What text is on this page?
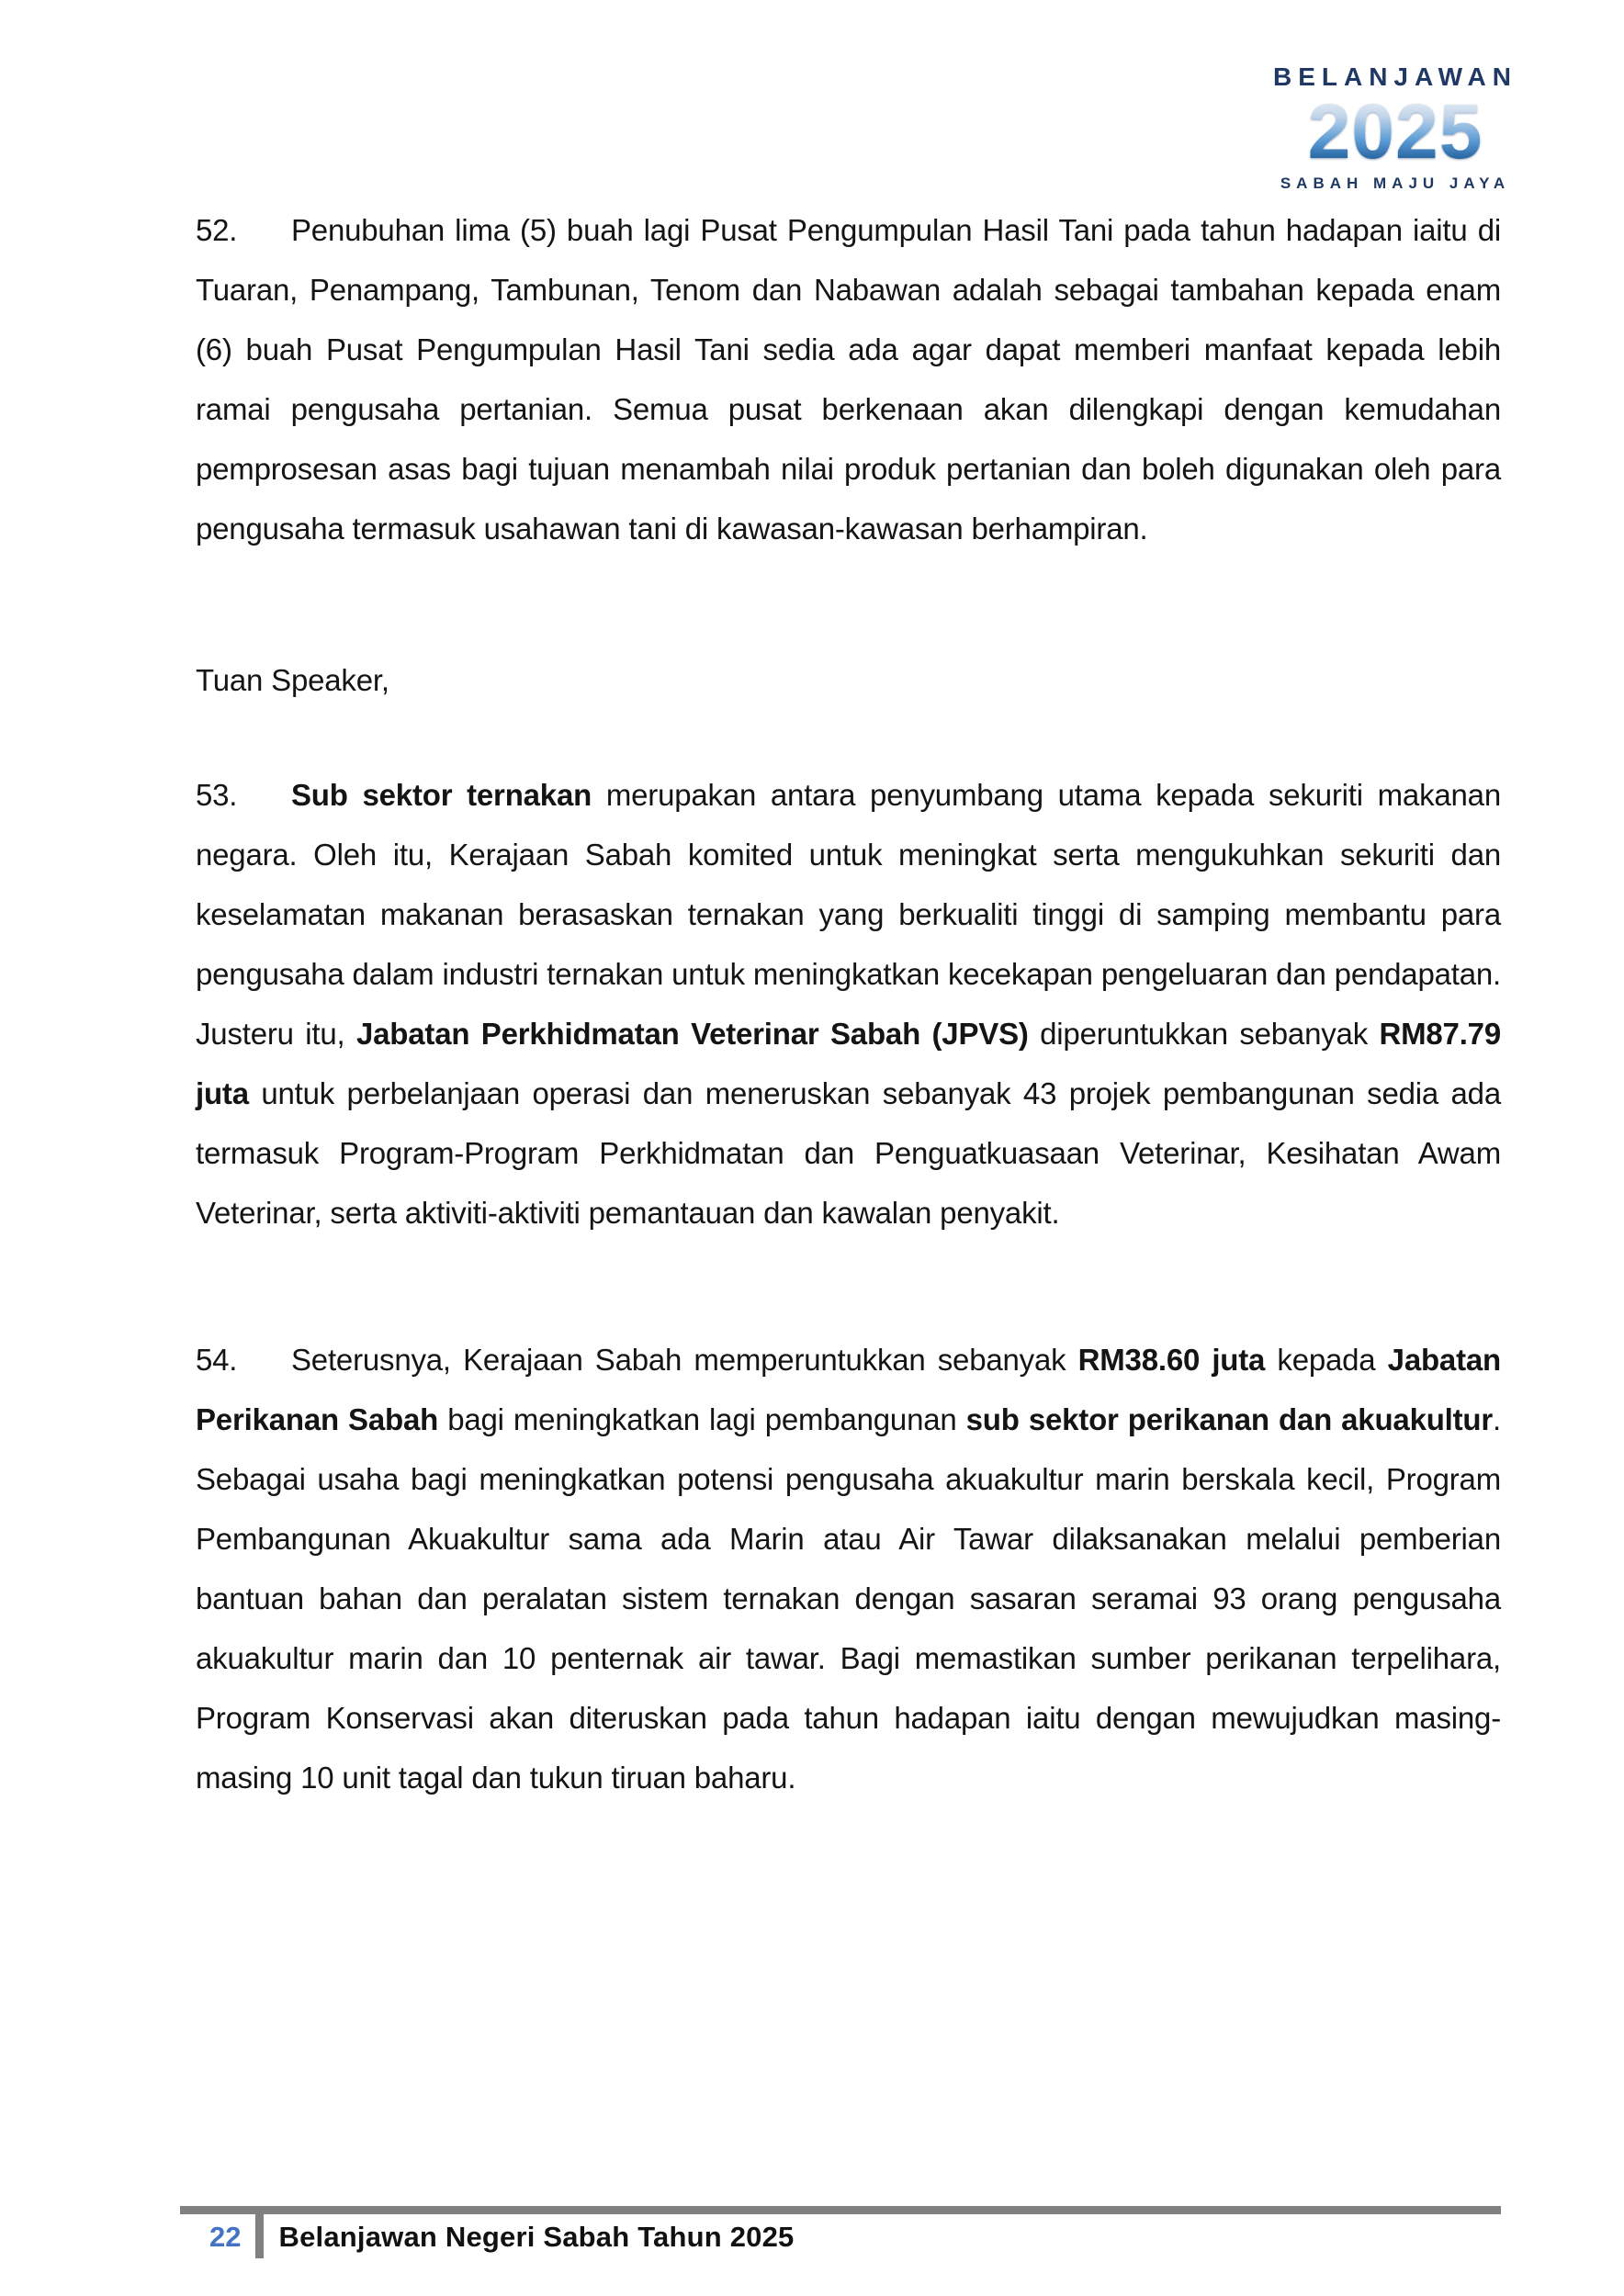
BELANJAWAN
2025
SABAH MAJU JAYA

52. Penubuhan lima (5) buah lagi Pusat Pengumpulan Hasil Tani pada tahun hadapan iaitu di Tuaran, Penampang, Tambunan, Tenom dan Nabawan adalah sebagai tambahan kepada enam (6) buah Pusat Pengumpulan Hasil Tani sedia ada agar dapat memberi manfaat kepada lebih ramai pengusaha pertanian. Semua pusat berkenaan akan dilengkapi dengan kemudahan pemprosesan asas bagi tujuan menambah nilai produk pertanian dan boleh digunakan oleh para pengusaha termasuk usahawan tani di kawasan-kawasan berhampiran.

Tuan Speaker,

53. Sub sektor ternakan merupakan antara penyumbang utama kepada sekuriti makanan negara. Oleh itu, Kerajaan Sabah komited untuk meningkat serta mengukuhkan sekuriti dan keselamatan makanan berasaskan ternakan yang berkualiti tinggi di samping membantu para pengusaha dalam industri ternakan untuk meningkatkan kecekapan pengeluaran dan pendapatan. Justeru itu, Jabatan Perkhidmatan Veterinar Sabah (JPVS) diperuntukkan sebanyak RM87.79 juta untuk perbelanjaan operasi dan meneruskan sebanyak 43 projek pembangunan sedia ada termasuk Program-Program Perkhidmatan dan Penguatkuasaan Veterinar, Kesihatan Awam Veterinar, serta aktiviti-aktiviti pemantauan dan kawalan penyakit.

54. Seterusnya, Kerajaan Sabah memperuntukkan sebanyak RM38.60 juta kepada Jabatan Perikanan Sabah bagi meningkatkan lagi pembangunan sub sektor perikanan dan akuakultur. Sebagai usaha bagi meningkatkan potensi pengusaha akuakultur marin berskala kecil, Program Pembangunan Akuakultur sama ada Marin atau Air Tawar dilaksanakan melalui pemberian bantuan bahan dan peralatan sistem ternakan dengan sasaran seramai 93 orang pengusaha akuakultur marin dan 10 penternak air tawar. Bagi memastikan sumber perikanan terpelihara, Program Konservasi akan diteruskan pada tahun hadapan iaitu dengan mewujudkan masing-masing 10 unit tagal dan tukun tiruan baharu.

22 Belanjawan Negeri Sabah Tahun 2025
